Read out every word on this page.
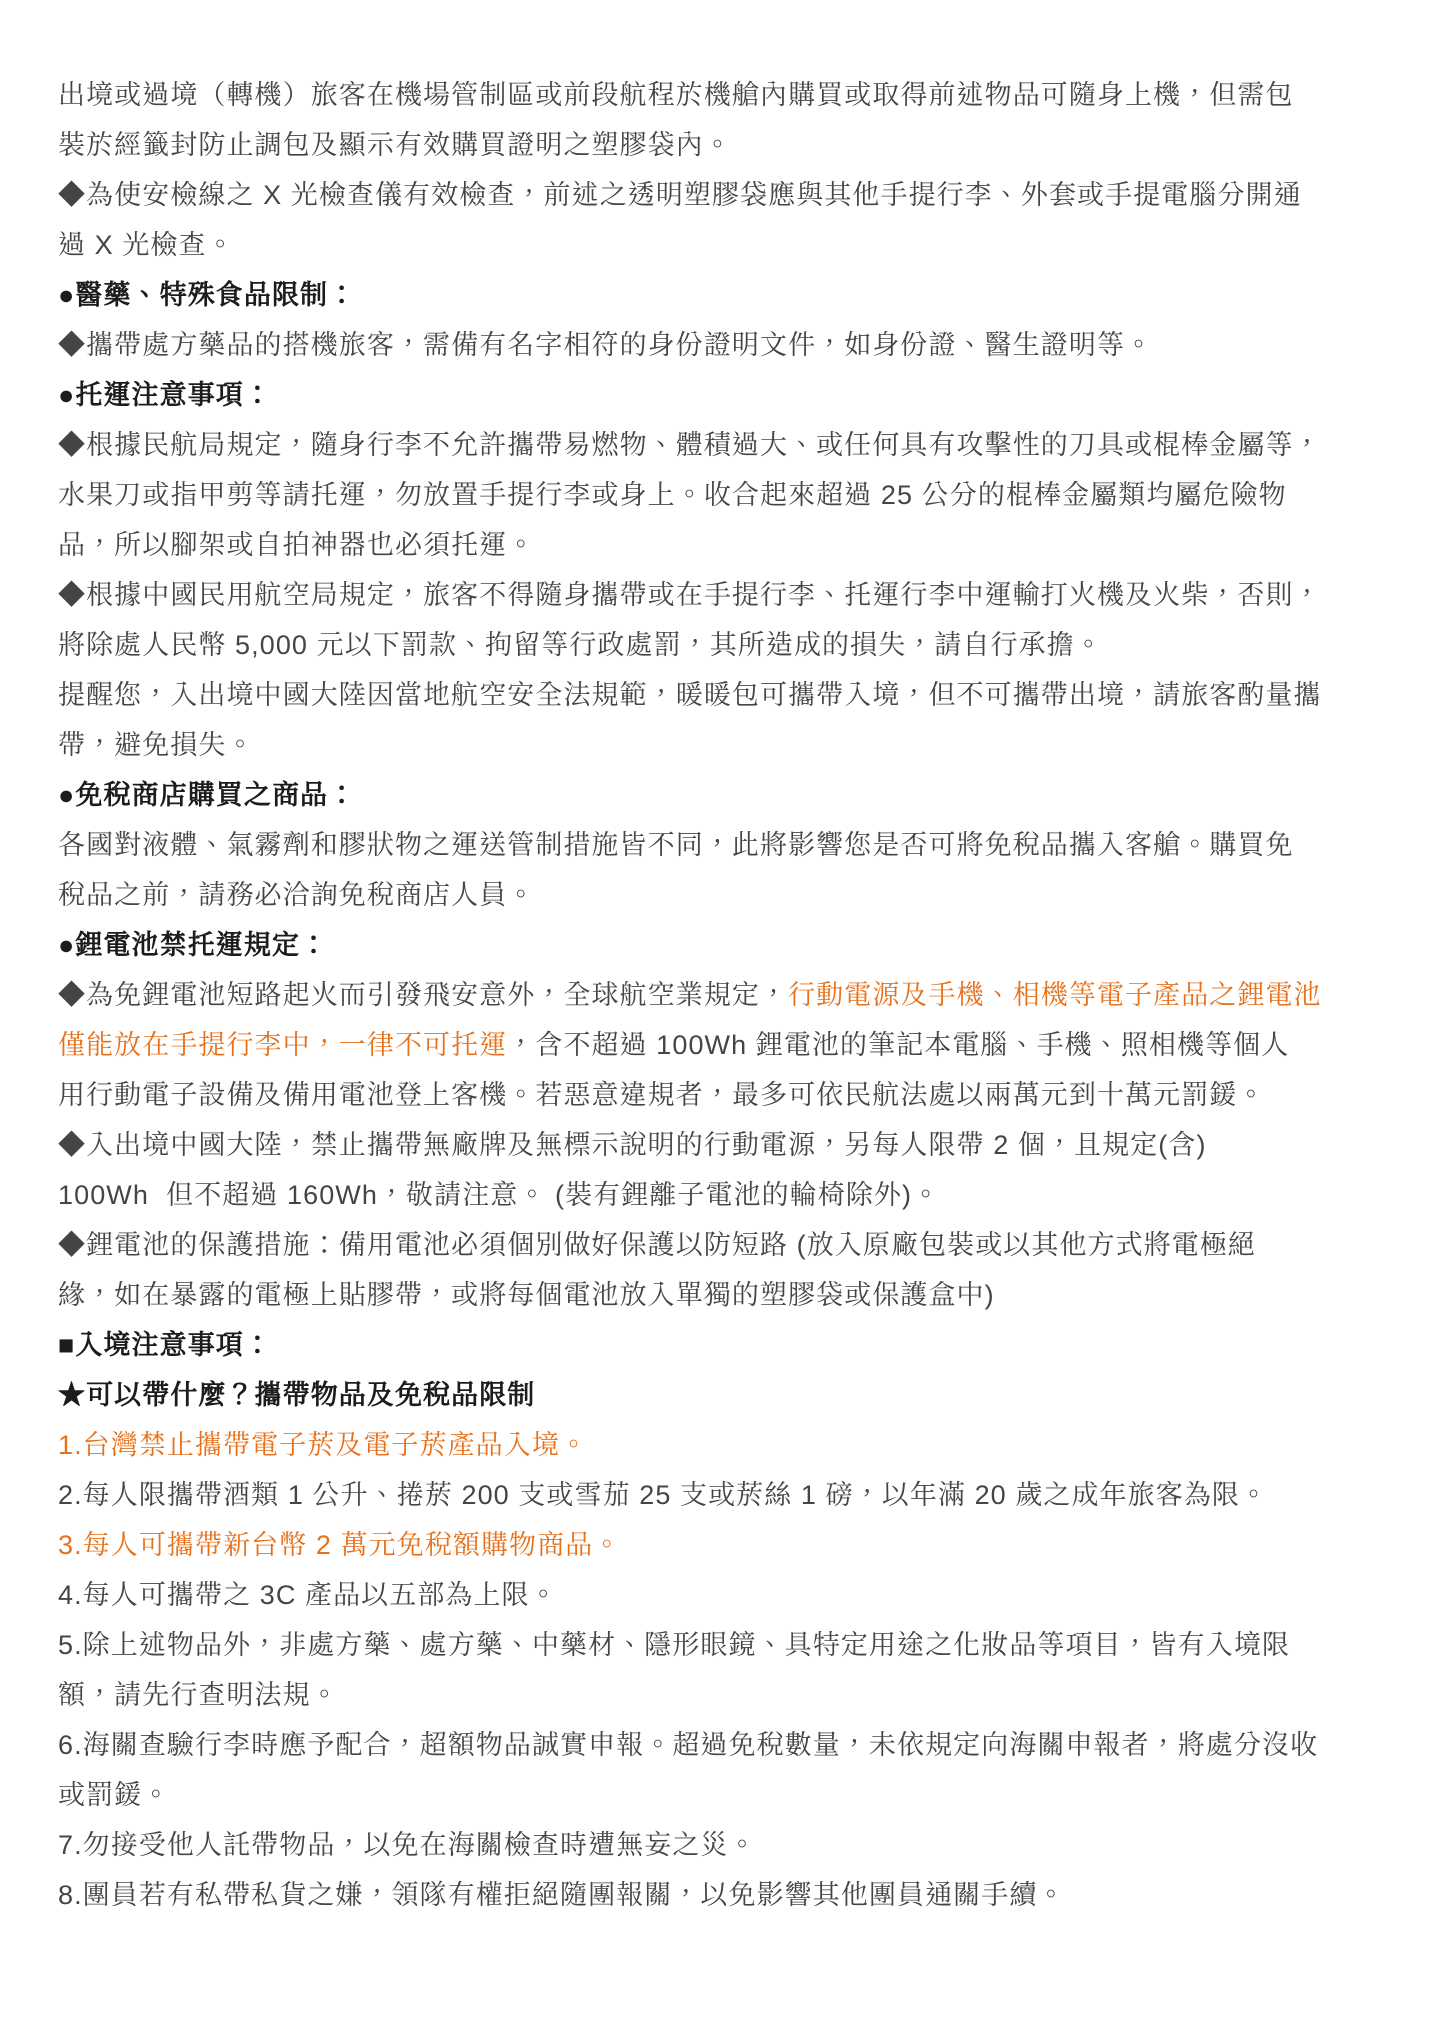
出境或過境（轉機）旅客在機場管制區或前段航程於機艙內購買或取得前述物品可隨身上機，但需包
裝於經籤封防止調包及顯示有效購買證明之塑膠袋內。
◆為使安檢線之 X 光檢查儀有效檢查，前述之透明塑膠袋應與其他手提行李、外套或手提電腦分開通
過 X 光檢查。
●醫藥、特殊食品限制：
◆攜帶處方藥品的搭機旅客，需備有名字相符的身份證明文件，如身份證、醫生證明等。
●托運注意事項：
◆根據民航局規定，隨身行李不允許攜帶易燃物、體積過大、或任何具有攻擊性的刀具或棍棒金屬等，
水果刀或指甲剪等請托運，勿放置手提行李或身上。收合起來超過 25 公分的棍棒金屬類均屬危險物
品，所以腳架或自拍神器也必須托運。
◆根據中國民用航空局規定，旅客不得隨身攜帶或在手提行李、托運行李中運輸打火機及火柴，否則，
將除處人民幣 5,000 元以下罰款、拘留等行政處罰，其所造成的損失，請自行承擔。
提醒您，入出境中國大陸因當地航空安全法規範，暖暖包可攜帶入境，但不可攜帶出境，請旅客酌量攜
帶，避免損失。
●免稅商店購買之商品：
各國對液體、氣霧劑和膠狀物之運送管制措施皆不同，此將影響您是否可將免稅品攜入客艙。購買免
稅品之前，請務必洽詢免稅商店人員。
●鋰電池禁托運規定：
◆為免鋰電池短路起火而引發飛安意外，全球航空業規定，行動電源及手機、相機等電子產品之鋰電池
僅能放在手提行李中，一律不可托運，含不超過 100Wh 鋰電池的筆記本電腦、手機、照相機等個人
用行動電子設備及備用電池登上客機。若惡意違規者，最多可依民航法處以兩萬元到十萬元罰鍰。
◆入出境中國大陸，禁止攜帶無廠牌及無標示說明的行動電源，另每人限帶 2 個，且規定(含)
100Wh  但不超過 160Wh，敬請注意。 (裝有鋰離子電池的輪椅除外)。
◆鋰電池的保護措施：備用電池必須個別做好保護以防短路 (放入原廠包裝或以其他方式將電極絕
緣，如在暴露的電極上貼膠帶，或將每個電池放入單獨的塑膠袋或保護盒中)
■入境注意事項：
★可以帶什麼？攜帶物品及免稅品限制
1.台灣禁止攜帶電子菸及電子菸產品入境。
2.每人限攜帶酒類 1 公升、捲菸 200 支或雪茄 25 支或菸絲 1 磅，以年滿 20 歲之成年旅客為限。
3.每人可攜帶新台幣 2 萬元免稅額購物商品。
4.每人可攜帶之 3C 產品以五部為上限。
5.除上述物品外，非處方藥、處方藥、中藥材、隱形眼鏡、具特定用途之化妝品等項目，皆有入境限
額，請先行查明法規。
6.海關查驗行李時應予配合，超額物品誠實申報。超過免稅數量，未依規定向海關申報者，將處分沒收
或罰鍰。
7.勿接受他人託帶物品，以免在海關檢查時遭無妄之災。
8.團員若有私帶私貨之嫌，領隊有權拒絕隨團報關，以免影響其他團員通關手續。
